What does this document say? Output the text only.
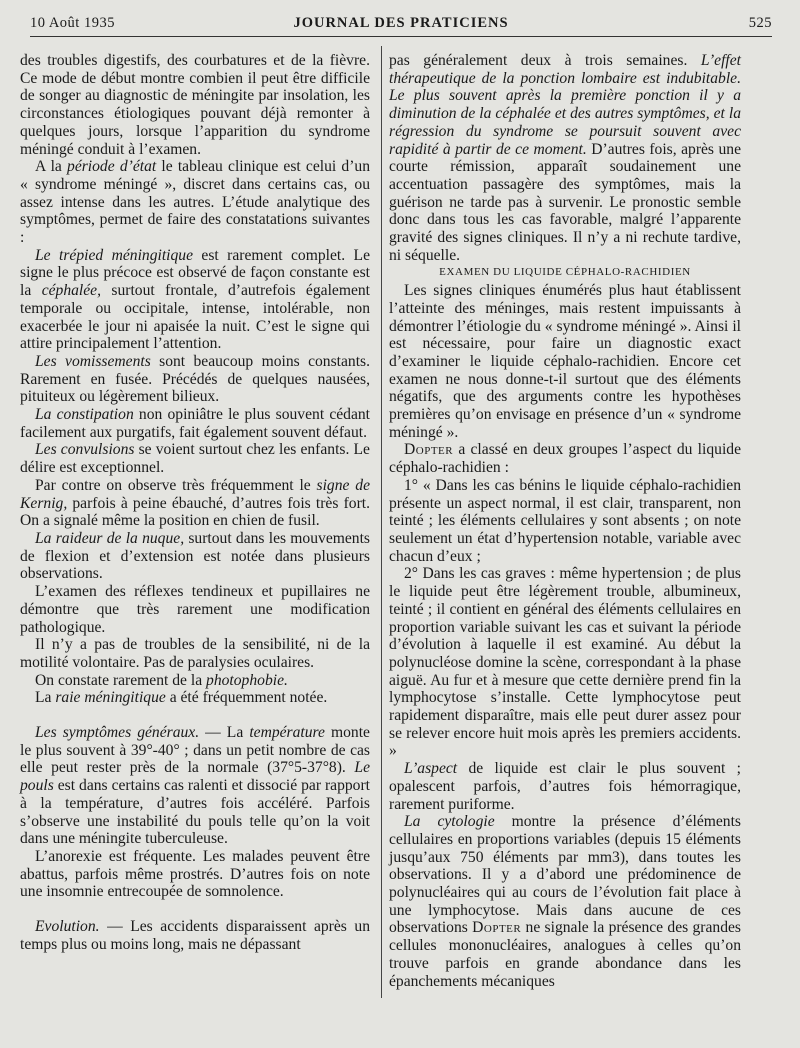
10 Août 1935	JOURNAL DES PRATICIENS	525

des troubles digestifs, des courbatures et de la fièvre. Ce mode de début montre combien il peut être difficile de songer au diagnostic de méningite par insolation, les circonstances étiologiques pouvant déjà remonter à quelques jours, lorsque l’apparition du syndrome méningé conduit à l’examen.

A la période d’état le tableau clinique est celui d’un « syndrome méningé », discret dans certains cas, ou assez intense dans les autres. L’étude analytique des symptômes, permet de faire des constatations suivantes :

Le trépied méningitique est rarement complet. Le signe le plus précoce est observé de façon constante est la céphalée, surtout frontale, d’autrefois également temporale ou occipitale, intense, intolérable, non exacerbée le jour ni apaisée la nuit. C’est le signe qui attire principalement l’attention.

Les vomissements sont beaucoup moins constants. Rarement en fusée. Précédés de quelques nausées, pituiteux ou légèrement bilieux.

La constipation non opiniâtre le plus souvent cédant facilement aux purgatifs, fait également souvent défaut.

Les convulsions se voient surtout chez les enfants. Le délire est exceptionnel.

Par contre on observe très fréquemment le signe de Kernig, parfois à peine ébauché, d’autres fois très fort. On a signalé même la position en chien de fusil.

La raideur de la nuque, surtout dans les mouvements de flexion et d’extension est notée dans plusieurs observations.

L’examen des réflexes tendineux et pupillaires ne démontre que très rarement une modification pathologique.

Il n’y a pas de troubles de la sensibilité, ni de la motilité volontaire. Pas de paralysies oculaires.

On constate rarement de la photophobie.

La raie méningitique a été fréquemment notée.

Les symptômes généraux. — La température monte le plus souvent à 39°-40° ; dans un petit nombre de cas elle peut rester près de la normale (37°5-37°8). Le pouls est dans certains cas ralenti et dissocié par rapport à la température, d’autres fois accéléré. Parfois s’observe une instabilité du pouls telle qu’on la voit dans une méningite tuberculeuse.

L’anorexie est fréquente. Les malades peuvent être abattus, parfois même prostrés. D’autres fois on note une insomnie entrecoupée de somnolence.

Evolution. — Les accidents disparaissent après un temps plus ou moins long, mais ne dépassant

pas généralement deux à trois semaines. L’effet thérapeutique de la ponction lombaire est indubitable. Le plus souvent après la première ponction il y a diminution de la céphalée et des autres symptômes, et la régression du syndrome se poursuit souvent avec rapidité à partir de ce moment. D’autres fois, après une courte rémission, apparaît soudainement une accentuation passagère des symptômes, mais la guérison ne tarde pas à survenir. Le pronostic semble donc dans tous les cas favorable, malgré l’apparente gravité des signes cliniques. Il n’y a ni rechute tardive, ni séquelle.

EXAMEN DU LIQUIDE CÉPHALO-RACHIDIEN

Les signes cliniques énumérés plus haut établissent l’atteinte des méninges, mais restent impuissants à démontrer l’étiologie du « syndrome méningé ». Ainsi il est nécessaire, pour faire un diagnostic exact d’examiner le liquide céphalo-rachidien. Encore cet examen ne nous donne-t-il surtout que des éléments négatifs, que des arguments contre les hypothèses premières qu’on envisage en présence d’un « syndrome méningé ».

Dopter a classé en deux groupes l’aspect du liquide céphalo-rachidien :

1° « Dans les cas bénins le liquide céphalo-rachidien présente un aspect normal, il est clair, transparent, non teinté ; les éléments cellulaires y sont absents ; on note seulement un état d’hypertension notable, variable avec chacun d’eux ;

2° Dans les cas graves : même hypertension ; de plus le liquide peut être légèrement trouble, albumineux, teinté ; il contient en général des éléments cellulaires en proportion variable suivant les cas et suivant la période d’évolution à laquelle il est examiné. Au début la polynucléose domine la scène, correspondant à la phase aiguë. Au fur et à mesure que cette dernière prend fin la lymphocytose s’installe. Cette lymphocytose peut rapidement disparaître, mais elle peut durer assez pour se relever encore huit mois après les premiers accidents. »

L’aspect de liquide est clair le plus souvent ; opalescent parfois, d’autres fois hémorragique, rarement puriforme.

La cytologie montre la présence d’éléments cellulaires en proportions variables (depuis 15 éléments jusqu’aux 750 éléments par mm3), dans toutes les observations. Il y a d’abord une prédominence de polynucléaires qui au cours de l’évolution fait place à une lymphocytose. Mais dans aucune de ces observations Dopter ne signale la présence des grandes cellules mononucléaires, analogues à celles qu’on trouve parfois en grande abondance dans les épanchements mécaniques
